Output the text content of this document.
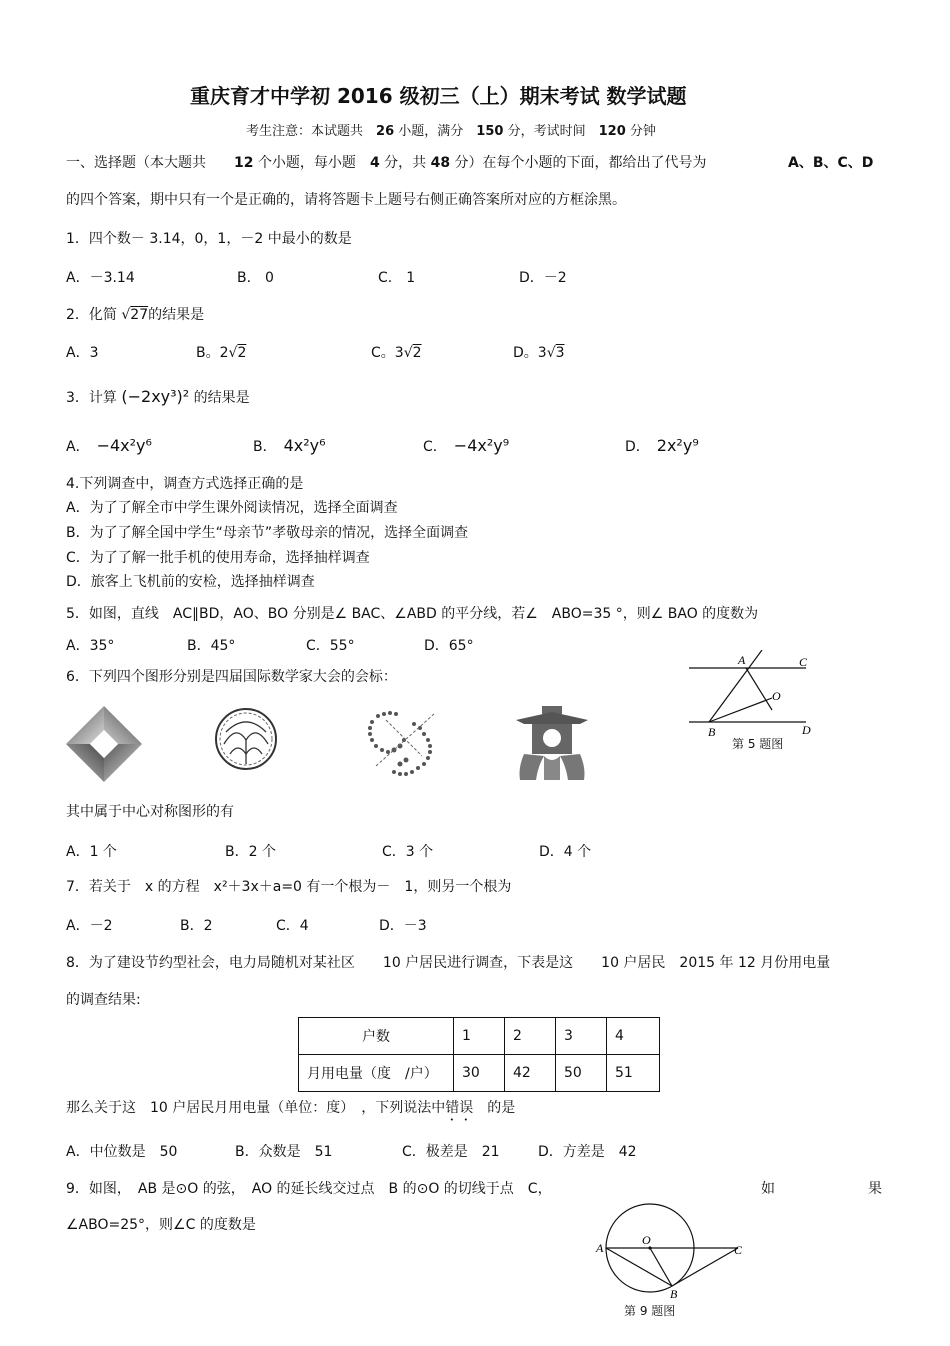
重庆育才中学初 2016 级初三（上）期末考试 数学试题
考生注意：本试题共　 26 小题，满分　 150 分，考试时间　 120 分钟
一、选择题（本大题共　　 12 个小题，每小题　 4 分，共 48 分）在每个小题的下面，都给出了代号为	A、B、C、D
的四个答案，期中只有一个是正确的，请将答题卡上题号右侧正确答案所对应的方框涂黑。
1．四个数－ 3.14，0，1，－2 中最小的数是
A．－3.14	B.　0	C.　1	D．－2
2．化简 √27的结果是
A．3	B。2√2	C。3√2	D。3√3
3．计算 (−2xy³)² 的结果是
A．　 −4x²y⁶	B．　 4x²y⁶	C．　 −4x²y⁹	D．　 2x²y⁹
4.下列调查中，调查方式选择正确的是
A．为了了解全市中学生课外阅读情况，选择全面调查
B．为了了解全国中学生“母亲节”孝敬母亲的情况，选择全面调查
C．为了了解一批手机的使用寿命，选择抽样调查
D．旅客上飞机前的安检，选择抽样调查
5．如图，直线　AC∥BD，AO、BO 分别是∠ BAC、∠ABD 的平分线，若∠　ABO=35 °，则∠ BAO 的度数为
A．35°	B．45°	C．55°	D．65°
A	C
O
B	D
第 5 题图
6．下列四个图形分别是四届国际数学家大会的会标：
其中属于中心对称图形的有
A．1 个	B．2 个	C．3 个	D．4 个
7．若关于　x 的方程　 x²＋3x＋a=0 有一个根为－　1，则另一个根为
A．－2	B．2	C．4	D．－3
8．为了建设节约型社会，电力局随机对某社区　　10 户居民进行调查，下表是这　　10 户居民　2015 年 12 月份用电量
的调查结果:
户数	1	2	3	4
月用电量（度　/户）	30	42	50	51
那么关于这　10 户居民月用电量（单位：度）　，下列说法中错误　 的是
A．中位数是　50	B．众数是　51	C．极差是　21	D．方差是　42
9．如图，　AB 是⊙O 的弦，　AO 的延长线交过点　B 的⊙O 的切线于点　C，	如	果
∠ABO=25°，则∠C 的度数是
A
O
C
B
第 9 题图
